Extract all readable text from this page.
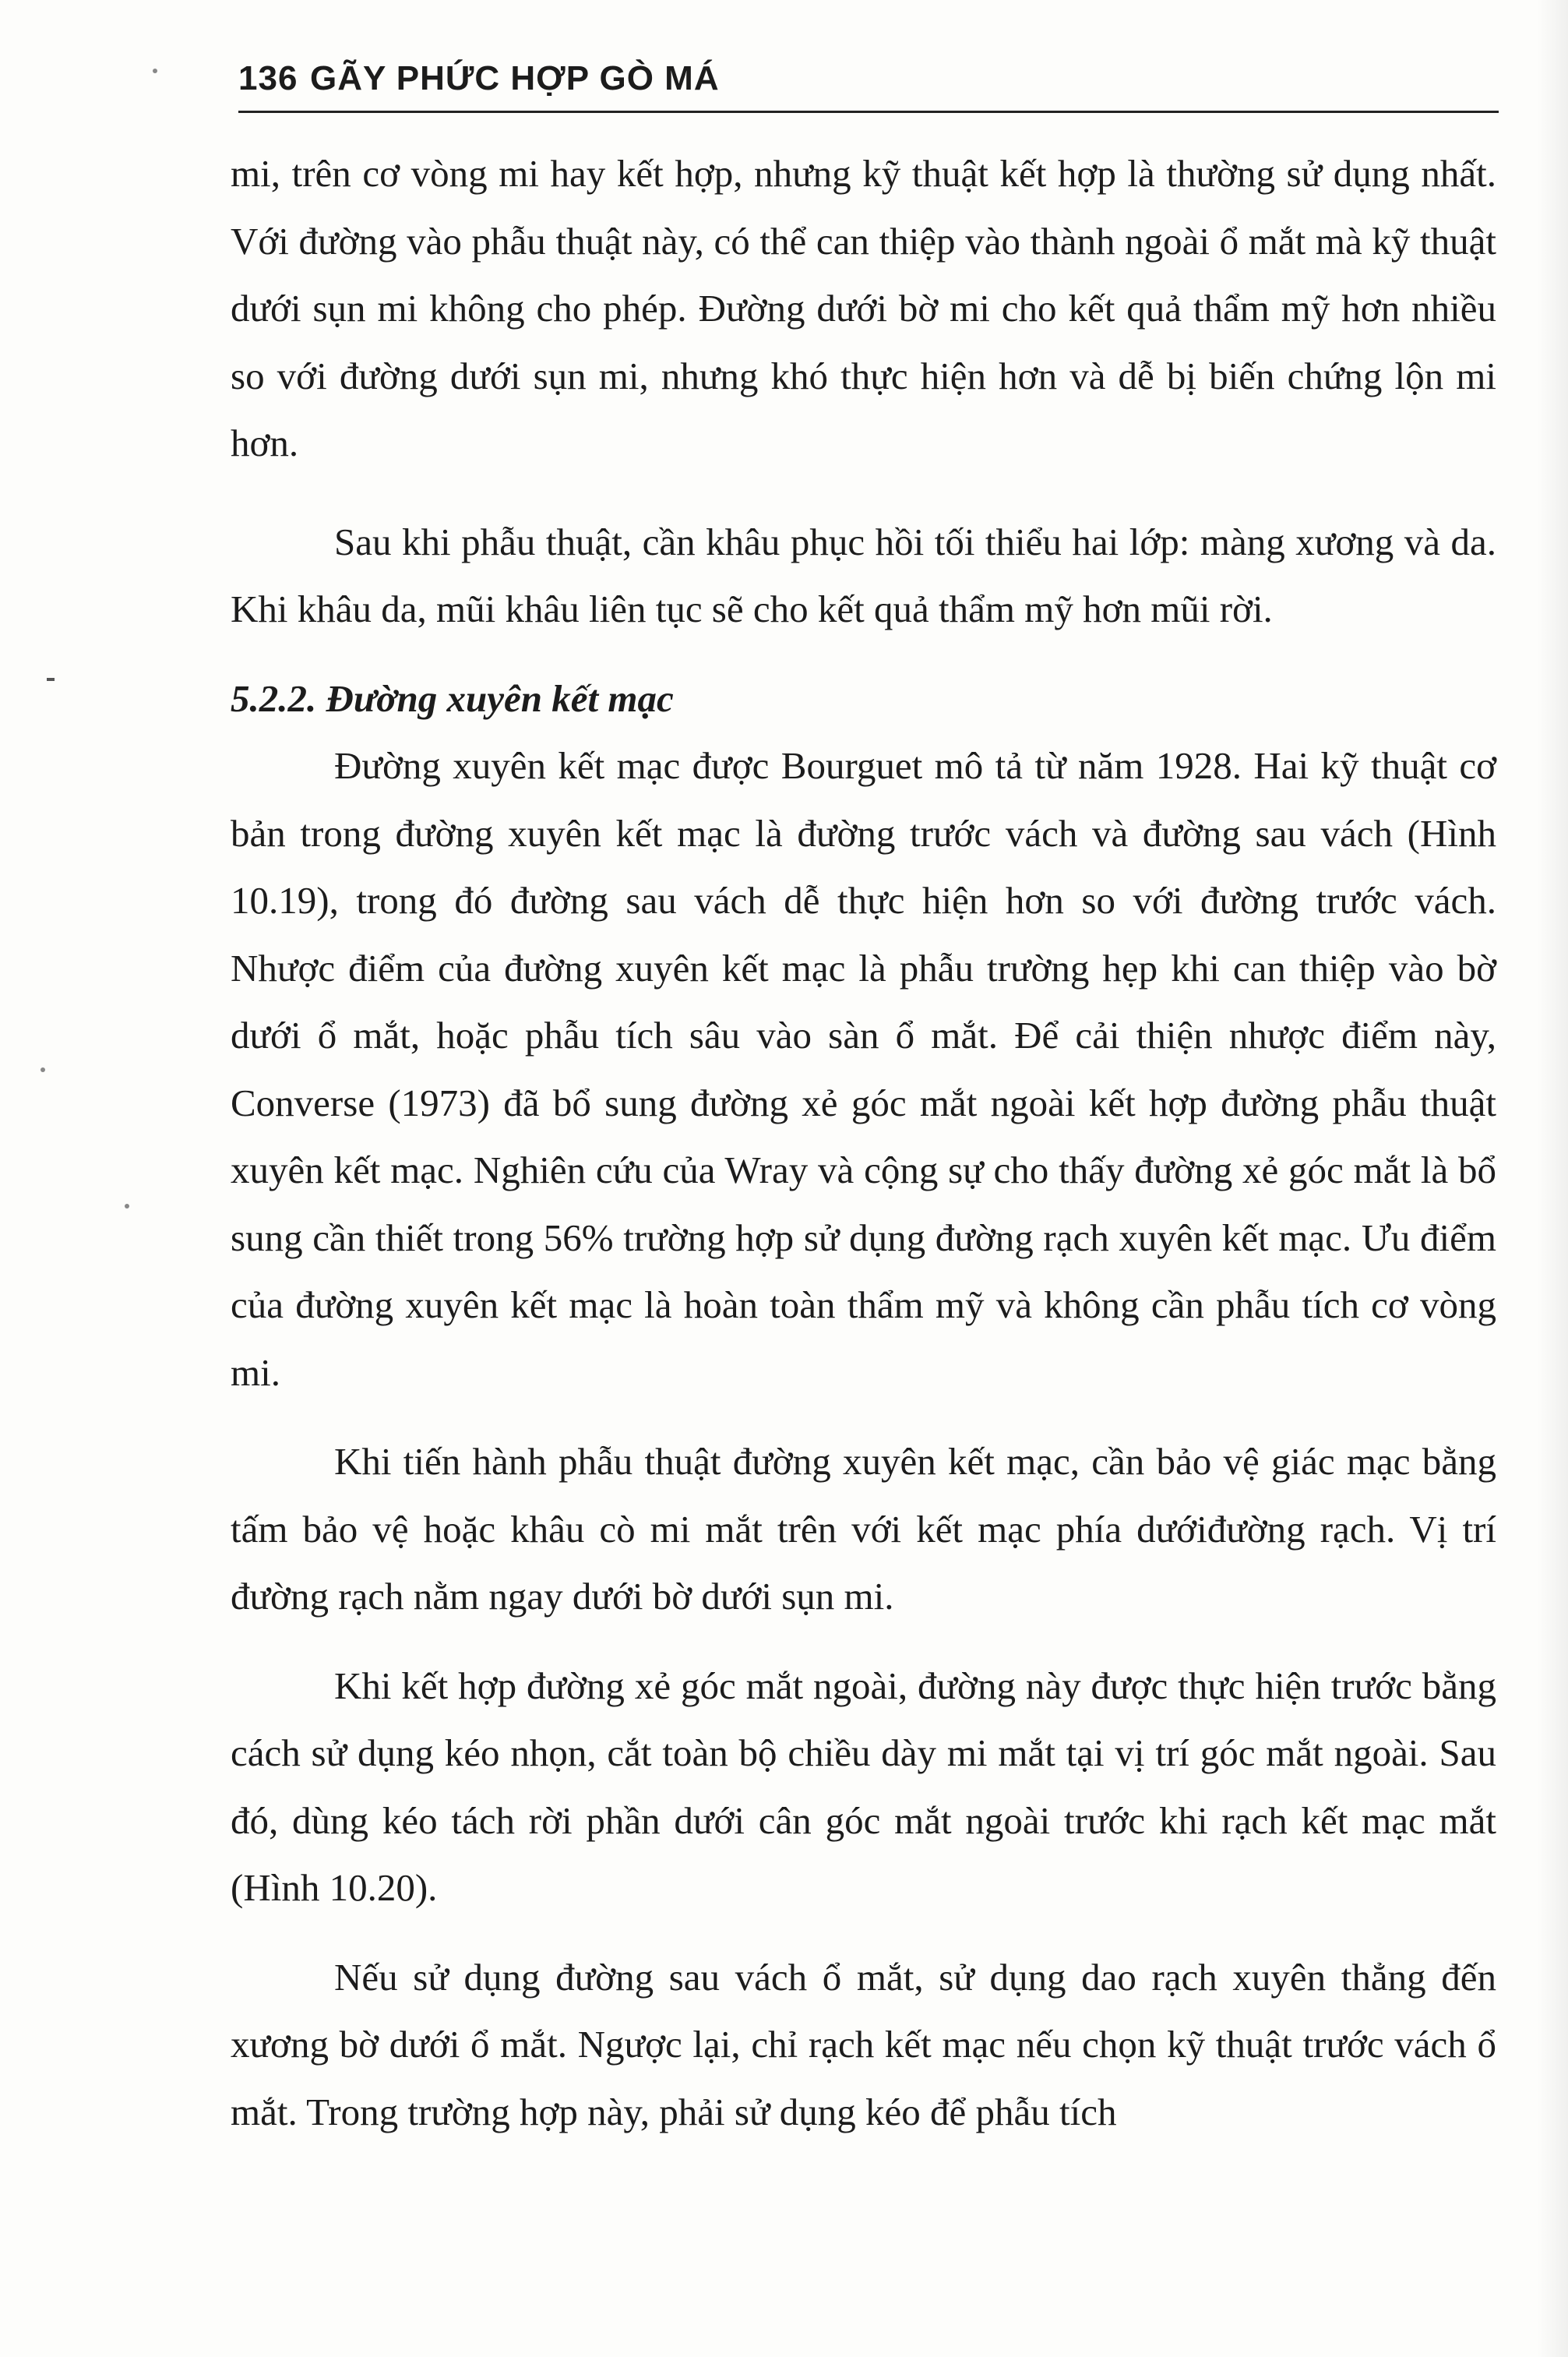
136 GÃY PHỨC HỢP GÒ MÁ

mi, trên cơ vòng mi hay kết hợp, nhưng kỹ thuật kết hợp là thường sử dụng nhất. Với đường vào phẫu thuật này, có thể can thiệp vào thành ngoài ổ mắt mà kỹ thuật dưới sụn mi không cho phép. Đường dưới bờ mi cho kết quả thẩm mỹ hơn nhiều so với đường dưới sụn mi, nhưng khó thực hiện hơn và dễ bị biến chứng lộn mi hơn.

Sau khi phẫu thuật, cần khâu phục hồi tối thiểu hai lớp: màng xương và da. Khi khâu da, mũi khâu liên tục sẽ cho kết quả thẩm mỹ hơn mũi rời.

5.2.2. Đường xuyên kết mạc

Đường xuyên kết mạc được Bourguet mô tả từ năm 1928. Hai kỹ thuật cơ bản trong đường xuyên kết mạc là đường trước vách và đường sau vách (Hình 10.19), trong đó đường sau vách dễ thực hiện hơn so với đường trước vách. Nhược điểm của đường xuyên kết mạc là phẫu trường hẹp khi can thiệp vào bờ dưới ổ mắt, hoặc phẫu tích sâu vào sàn ổ mắt. Để cải thiện nhược điểm này, Converse (1973) đã bổ sung đường xẻ góc mắt ngoài kết hợp đường phẫu thuật xuyên kết mạc. Nghiên cứu của Wray và cộng sự cho thấy đường xẻ góc mắt là bổ sung cần thiết trong 56% trường hợp sử dụng đường rạch xuyên kết mạc. Ưu điểm của đường xuyên kết mạc là hoàn toàn thẩm mỹ và không cần phẫu tích cơ vòng mi.

Khi tiến hành phẫu thuật đường xuyên kết mạc, cần bảo vệ giác mạc bằng tấm bảo vệ hoặc khâu cò mi mắt trên với kết mạc phía dướiđường rạch. Vị trí đường rạch nằm ngay dưới bờ dưới sụn mi.

Khi kết hợp đường xẻ góc mắt ngoài, đường này được thực hiện trước bằng cách sử dụng kéo nhọn, cắt toàn bộ chiều dày mi mắt tại vị trí góc mắt ngoài. Sau đó, dùng kéo tách rời phần dưới cân góc mắt ngoài trước khi rạch kết mạc mắt (Hình 10.20).

Nếu sử dụng đường sau vách ổ mắt, sử dụng dao rạch xuyên thẳng đến xương bờ dưới ổ mắt. Ngược lại, chỉ rạch kết mạc nếu chọn kỹ thuật trước vách ổ mắt. Trong trường hợp này, phải sử dụng kéo để phẫu tích
